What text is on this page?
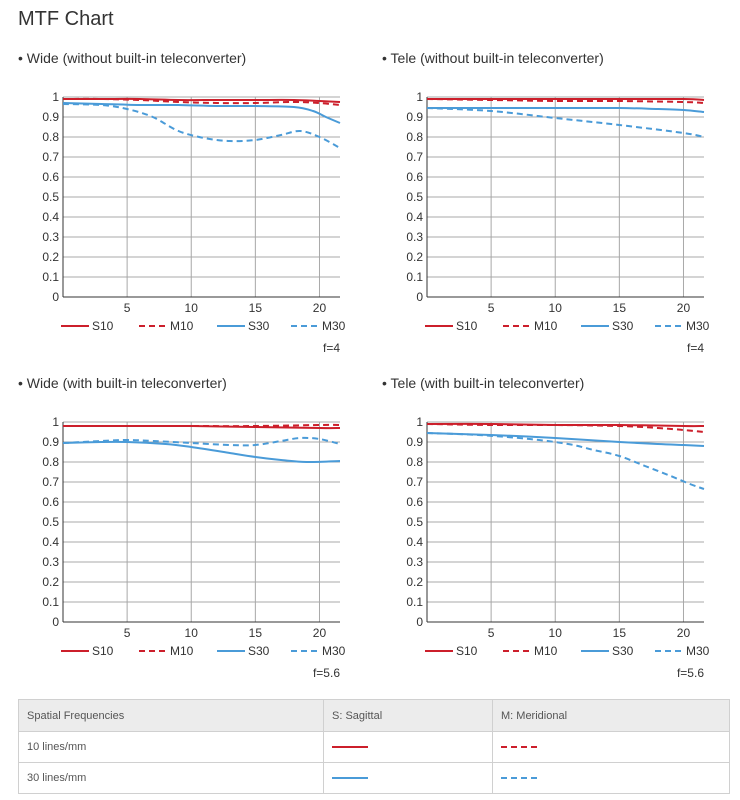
MTF Chart
• Wide (without built-in teleconverter)
0
0.1
0.2
0.3
0.4
0.5
0.6
0.7
0.8
0.9
1
5	10	15	20
S10	M10	S30	M30
f=4
• Tele (without built-in teleconverter)
0
0.1
0.2
0.3
0.4
0.5
0.6
0.7
0.8
0.9
1
5	10	15	20
S10	M10	S30	M30
f=4
• Wide (with built-in teleconverter)
0
0.1
0.2
0.3
0.4
0.5
0.6
0.7
0.8
0.9
1
5	10	15	20
S10	M10	S30	M30
f=5.6
• Tele (with built-in teleconverter)
0
0.1
0.2
0.3
0.4
0.5
0.6
0.7
0.8
0.9
1
5	10	15	20
S10	M10	S30	M30
f=5.6
Spatial Frequencies	S: Sagittal	M: Meridional
10 lines/mm		
30 lines/mm		
